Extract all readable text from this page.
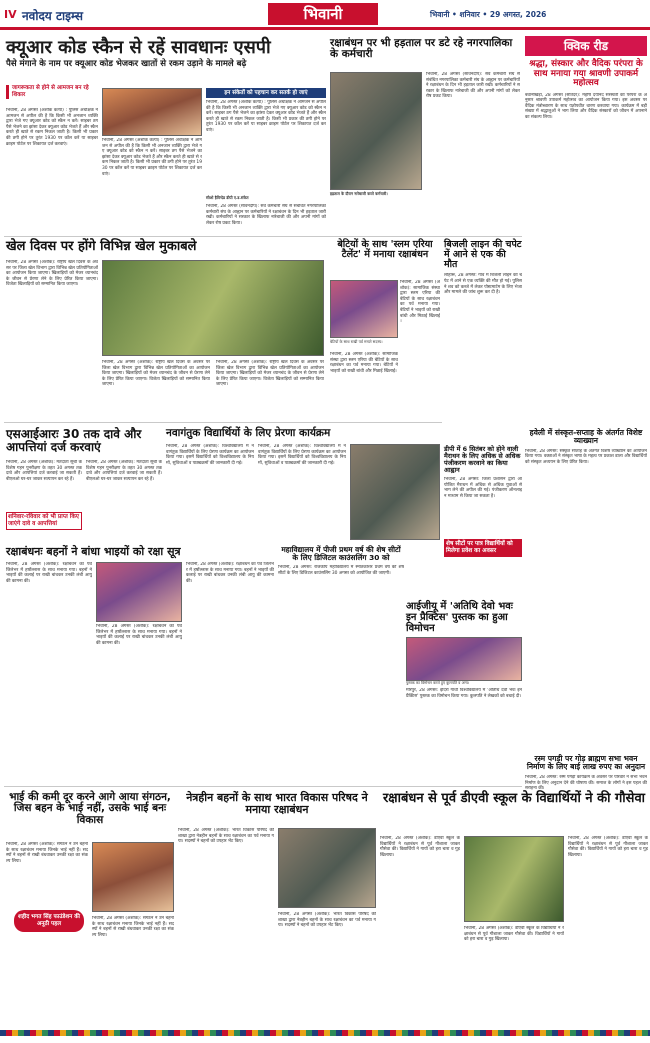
IV नवोदय टाइम्स	भिवानी	भिवानी • शनिवार • 29 अगस्त, 2026
क्यूआर कोड स्कैन से रहें सावधानः एसपी
पैसे मंगाने के नाम पर क्यूआर कोड भेजकर खातों से रकम उड़ाने के मामले बढ़े
जागरूकता से होने से आमजन बन रहे शिकार	इन संकेतों को पहचान कर सतर्क हो जाएं
भिवानी, 28 अगस्त (अशोक कत्या) : पुलिस अधीक्षक ने आमजन से अपील की है कि किसी भी अनजान व्यक्ति द्वारा भेजे गए क्यूआर कोड को स्कैन न करें। साइबर ठग पैसे भेजने का झांसा देकर क्यूआर कोड भेजते हैं और स्कैन करते ही खाते से रकम निकल जाती है। किसी भी प्रकार की ठगी होने पर तुरंत 1930 पर कॉल करें या साइबर क्राइम पोर्टल पर शिकायत दर्ज करवाएं।
भिवानी, 28 अगस्त (अशोक कत्या) : पुलिस अधीक्षक ने आमजन से अपील की है कि किसी भी अनजान व्यक्ति द्वारा भेजे गए क्यूआर कोड को स्कैन न करें। साइबर ठग पैसे भेजने का झांसा देकर क्यूआर कोड भेजते हैं और स्कैन करते ही खाते से रकम निकल जाती है। किसी भी प्रकार की ठगी होने पर तुरंत 1930 पर कॉल करें या साइबर क्राइम पोर्टल पर शिकायत दर्ज करवाएं।
भिवानी, 28 अगस्त (अशोक कत्या) : पुलिस अधीक्षक ने आमजन से अपील की है कि किसी भी अनजान व्यक्ति द्वारा भेजे गए क्यूआर कोड को स्कैन न करें। साइबर ठग पैसे भेजने का झांसा देकर क्यूआर कोड भेजते हैं और स्कैन करते ही खाते से रकम निकल जाती है। किसी भी प्रकार की ठगी होने पर तुरंत 1930 पर कॉल करें या साइबर क्राइम पोर्टल पर शिकायत दर्ज करवाएं।
सीओ हैविन्देड डीपी ए.ड.संकेत
भिवानी, 28 अगस्त (सावनदीप): सर्व कर्मचारी संघ से संबंधित नगरपालिका कर्मचारी संघ के आह्वान पर कर्मचारियों ने रक्षाबंधन के दिन भी हड़ताल जारी रखी। कर्मचारियों ने सरकार के खिलाफ नारेबाजी की और अपनी मांगों को लेकर रोष प्रकट किया।
रक्षाबंधन पर भी हड़ताल पर डटे रहे नगरपालिका के कर्मचारी
हड़ताल के दौरान नारेबाजी करते कर्मचारी।
भिवानी, 28 अगस्त (सावनदीप): सर्व कर्मचारी संघ से संबंधित नगरपालिका कर्मचारी संघ के आह्वान पर कर्मचारियों ने रक्षाबंधन के दिन भी हड़ताल जारी रखी। कर्मचारियों ने सरकार के खिलाफ नारेबाजी की और अपनी मांगों को लेकर रोष प्रकट किया।
क्विक रीड
श्रद्धा, संस्कार और वैदिक परंपरा के साथ मनाया गया श्रावणी उपाकर्म महोत्सव
बवानीखेड़ा, 28 अगस्त (सतिंदर): महर्षि दयानंद सरस्वती की परंपरा के अनुसार श्रावणी उपाकर्म महोत्सव का आयोजन किया गया। इस अवसर पर वैदिक मंत्रोच्चारण के साथ यज्ञोपवीत धारण करवाया गया। कार्यक्रम में बड़ी संख्या में श्रद्धालुओं ने भाग लिया और वैदिक संस्कारों को जीवन में अपनाने का संकल्प लिया।
हवेली में संस्कृत-सप्ताह के अंतर्गत विशेष्ट व्याख्यान
भिवानी, 28 अगस्त: संस्कृत सप्ताह के अंतर्गत विशेष व्याख्यान का आयोजन किया गया। वक्ताओं ने संस्कृत भाषा के महत्व पर प्रकाश डाला और विद्यार्थियों को संस्कृत अध्ययन के लिए प्रेरित किया।
रस्म पगड़ी पर गोड़ ब्राह्मण सभा भवन निर्माण के लिए बाई लाख रुपए का अनुदान
भिवानी, 28 अगस्त: रस्म पगड़ी कार्यक्रम के अवसर पर परिवार ने सभा भवन निर्माण के लिए अनुदान देने की घोषणा की। समाज के लोगों ने इस पहल की सराहना की।
खेल दिवस पर होंगे विभिन्न खेल मुकाबले
भिवानी, 28 अगस्त (अशोक): राष्ट्रीय खेल दिवस के अवसर पर जिला खेल विभाग द्वारा विभिन्न खेल प्रतियोगिताओं का आयोजन किया जाएगा। खिलाड़ियों को मेजर ध्यानचंद के जीवन से प्रेरणा लेने के लिए प्रेरित किया जाएगा। विजेता खिलाड़ियों को सम्मानित किया जाएगा।
भिवानी, 28 अगस्त (अशोक): राष्ट्रीय खेल दिवस के अवसर पर जिला खेल विभाग द्वारा विभिन्न खेल प्रतियोगिताओं का आयोजन किया जाएगा। खिलाड़ियों को मेजर ध्यानचंद के जीवन से प्रेरणा लेने के लिए प्रेरित किया जाएगा। विजेता खिलाड़ियों को सम्मानित किया जाएगा।
भिवानी, 28 अगस्त (अशोक): राष्ट्रीय खेल दिवस के अवसर पर जिला खेल विभाग द्वारा विभिन्न खेल प्रतियोगिताओं का आयोजन किया जाएगा। खिलाड़ियों को मेजर ध्यानचंद के जीवन से प्रेरणा लेने के लिए प्रेरित किया जाएगा। विजेता खिलाड़ियों को सम्मानित किया जाएगा।
बेटियों के साथ 'स्लम एरिया टैलेंट' में मनाया रक्षाबंधन
भिवानी, 28 अगस्त (अशोक): सामाजिक संस्था द्वारा स्लम एरिया की बेटियों के साथ रक्षाबंधन का पर्व मनाया गया। बेटियों ने भाइयों को राखी बांधी और मिठाई खिलाई।
बेटियों के साथ राखी पर्व मनाते सदस्य।
भिवानी, 28 अगस्त (अशोक): सामाजिक संस्था द्वारा स्लम एरिया की बेटियों के साथ रक्षाबंधन का पर्व मनाया गया। बेटियों ने भाइयों को राखी बांधी और मिठाई खिलाई।
बिजली लाइन की चपेट में आने से एक की मौत
लोहारू, 28 अगस्त: गांव में बिजली लाइन की चपेट में आने से एक व्यक्ति की मौत हो गई। पुलिस ने शव को कब्जे में लेकर पोस्टमार्टम के लिए भेजा और मामले की जांच शुरू कर दी है।
डीपी में 6 सितंबर को होने वाली मैराथन के लिए अधिक से अधिक पंजीकरण करवाने का किया आह्वान
भिवानी, 28 अगस्त: जिला प्रशासन द्वारा आयोजित मैराथन में अधिक से अधिक युवाओं से भाग लेने की अपील की गई। पंजीकरण ऑनलाइन माध्यम से किया जा सकता है।
शेष सीटों पर पात्र विद्यार्थियों को मिलेगा प्रवेश का अवसर
एसआईआरः 30 तक दावे और आपत्तियां दर्ज करवाएं
भिवानी, 28 अगस्त (अशोक): मतदाता सूची के विशेष गहन पुनरीक्षण के तहत 30 अगस्त तक दावे और आपत्तियां दर्ज करवाई जा सकती हैं। बीएलओ घर-घर जाकर सत्यापन कर रहे हैं।
शनिवार-रविवार को भी प्राप्त किए जाएंगे दावे व आपत्तियां
भिवानी, 28 अगस्त (अशोक): मतदाता सूची के विशेष गहन पुनरीक्षण के तहत 30 अगस्त तक दावे और आपत्तियां दर्ज करवाई जा सकती हैं। बीएलओ घर-घर जाकर सत्यापन कर रहे हैं।
नवागंतुक विद्यार्थियों के लिए प्रेरणा कार्यक्रम
भिवानी, 28 अगस्त (अशोक): विश्वविद्यालय में नवागंतुक विद्यार्थियों के लिए प्रेरणा कार्यक्रम का आयोजन किया गया। इसमें विद्यार्थियों को विश्वविद्यालय के नियमों, सुविधाओं व पाठ्यक्रमों की जानकारी दी गई।
भिवानी, 28 अगस्त (अशोक): विश्वविद्यालय में नवागंतुक विद्यार्थियों के लिए प्रेरणा कार्यक्रम का आयोजन किया गया। इसमें विद्यार्थियों को विश्वविद्यालय के नियमों, सुविधाओं व पाठ्यक्रमों की जानकारी दी गई।
रक्षाबंधनः बहनों ने बांधा भाइयों को रक्षा सूत्र
भिवानी, 28 अगस्त (अशोक): रक्षाबंधन का पर्व जिलेभर में हर्षोल्लास के साथ मनाया गया। बहनों ने भाइयों की कलाई पर राखी बांधकर उनकी लंबी आयु की कामना की।
भिवानी, 28 अगस्त (अशोक): रक्षाबंधन का पर्व जिलेभर में हर्षोल्लास के साथ मनाया गया। बहनों ने भाइयों की कलाई पर राखी बांधकर उनकी लंबी आयु की कामना की।
भिवानी, 28 अगस्त (अशोक): रक्षाबंधन का पर्व जिलेभर में हर्षोल्लास के साथ मनाया गया। बहनों ने भाइयों की कलाई पर राखी बांधकर उनकी लंबी आयु की कामना की।
महाविद्यालय में पीजी प्रथम वर्ष की शेष सीटों के लिए डिजिटल काउंसलिंग 30 को
भिवानी, 28 अगस्त: राजकीय महाविद्यालय में स्नातकोत्तर प्रथम वर्ष की शेष सीटों के लिए डिजिटल काउंसलिंग 30 अगस्त को आयोजित की जाएगी।
आईजीयू में 'अतिथि देवो भवः इन प्रैक्टिस' पुस्तक का हुआ विमोचन
पुस्तक का विमोचन करते हुए कुलपति व अन्य।
मीरपुर, 28 अगस्त: इंदिरा गांधी विश्वविद्यालय में 'अतिथि देवो भवः इन प्रैक्टिस' पुस्तक का विमोचन किया गया। कुलपति ने लेखकों को बधाई दी।
भाई की कमी दूर करने आगे आया संगठन, जिस बहन के भाई नहीं, उसके भाई बनः विकास
भिवानी, 28 अगस्त (अशोक): संगठन ने उन बहनों के साथ रक्षाबंधन मनाया जिनके भाई नहीं हैं। सदस्यों ने बहनों से राखी बंधवाकर उनकी रक्षा का संकल्प लिया।
शहीद भगत सिंह फाउंडेशन की अनूठी पहल
भिवानी, 28 अगस्त (अशोक): संगठन ने उन बहनों के साथ रक्षाबंधन मनाया जिनके भाई नहीं हैं। सदस्यों ने बहनों से राखी बंधवाकर उनकी रक्षा का संकल्प लिया।
नेत्रहीन बहनों के साथ भारत विकास परिषद ने मनाया रक्षाबंधन
भिवानी, 28 अगस्त (अशोक): भारत विकास परिषद की शाखा द्वारा नेत्रहीन बहनों के साथ रक्षाबंधन का पर्व मनाया गया। सदस्यों ने बहनों को उपहार भेंट किए।
भिवानी, 28 अगस्त (अशोक): भारत विकास परिषद की शाखा द्वारा नेत्रहीन बहनों के साथ रक्षाबंधन का पर्व मनाया गया। सदस्यों ने बहनों को उपहार भेंट किए।
रक्षाबंधन से पूर्व डीएवी स्कूल के विद्यार्थियों ने की गौसेवा
भिवानी, 28 अगस्त (अशोक): डीएवी स्कूल के विद्यार्थियों ने रक्षाबंधन से पूर्व गौशाला जाकर गौसेवा की। विद्यार्थियों ने गायों को हरा चारा व गुड़ खिलाया।
भिवानी, 28 अगस्त (अशोक): डीएवी स्कूल के विद्यार्थियों ने रक्षाबंधन से पूर्व गौशाला जाकर गौसेवा की। विद्यार्थियों ने गायों को हरा चारा व गुड़ खिलाया।
भिवानी, 28 अगस्त (अशोक): डीएवी स्कूल के विद्यार्थियों ने रक्षाबंधन से पूर्व गौशाला जाकर गौसेवा की। विद्यार्थियों ने गायों को हरा चारा व गुड़ खिलाया।
